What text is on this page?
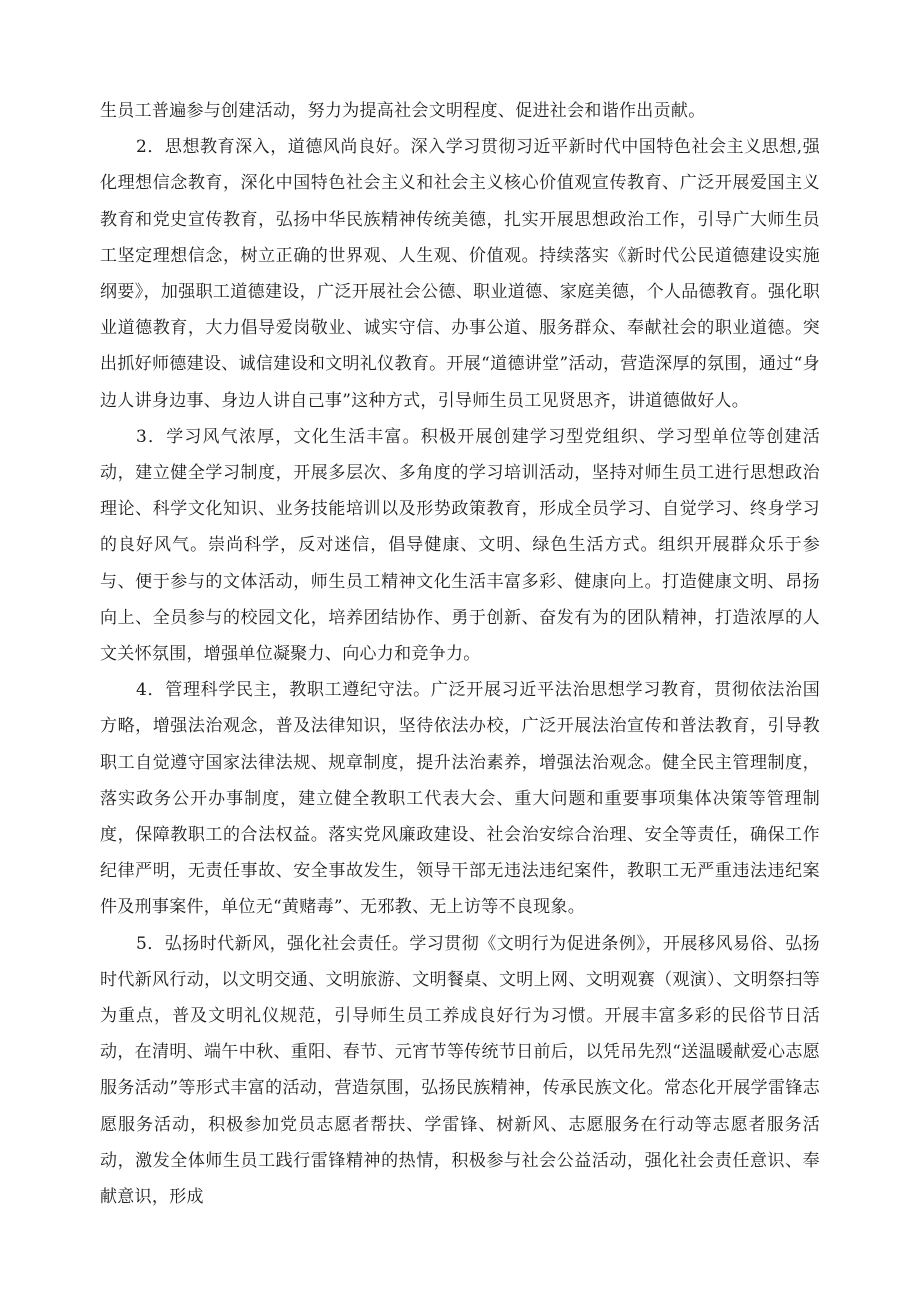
生员工普遍参与创建活动，努力为提高社会文明程度、促进社会和谐作出贡献。

2．思想教育深入，道德风尚良好。深入学习贯彻习近平新时代中国特色社会主义思想,强化理想信念教育，深化中国特色社会主义和社会主义核心价值观宣传教育、广泛开展爱国主义教育和党史宣传教育，弘扬中华民族精神传统美德，扎实开展思想政治工作，引导广大师生员工坚定理想信念，树立正确的世界观、人生观、价值观。持续落实《新时代公民道德建设实施纲要》，加强职工道德建设，广泛开展社会公德、职业道德、家庭美德，个人品德教育。强化职业道德教育，大力倡导爱岗敬业、诚实守信、办事公道、服务群众、奉献社会的职业道德。突出抓好师德建设、诚信建设和文明礼仪教育。开展“道德讲堂”活动，营造深厚的氛围，通过“身边人讲身边事、身边人讲自己事”这种方式，引导师生员工见贤思齐，讲道德做好人。

3．学习风气浓厚，文化生活丰富。积极开展创建学习型党组织、学习型单位等创建活动，建立健全学习制度，开展多层次、多角度的学习培训活动，坚持对师生员工进行思想政治理论、科学文化知识、业务技能培训以及形势政策教育，形成全员学习、自觉学习、终身学习的良好风气。崇尚科学，反对迷信，倡导健康、文明、绿色生活方式。组织开展群众乐于参与、便于参与的文体活动，师生员工精神文化生活丰富多彩、健康向上。打造健康文明、昂扬向上、全员参与的校园文化，培养团结协作、勇于创新、奋发有为的团队精神，打造浓厚的人文关怀氛围，增强单位凝聚力、向心力和竞争力。

4．管理科学民主，教职工遵纪守法。广泛开展习近平法治思想学习教育，贯彻依法治国方略，增强法治观念，普及法律知识，坚待依法办校，广泛开展法治宣传和普法教育，引导教职工自觉遵守国家法律法规、规章制度，提升法治素养，增强法治观念。健全民主管理制度，落实政务公开办事制度，建立健全教职工代表大会、重大问题和重要事项集体决策等管理制度，保障教职工的合法权益。落实党风廉政建设、社会治安综合治理、安全等责任，确保工作纪律严明，无责任事故、安全事故发生，领导干部无违法违纪案件，教职工无严重违法违纪案件及刑事案件，单位无“黄赌毒”、无邪教、无上访等不良现象。

5．弘扬时代新风，强化社会责任。学习贯彻《文明行为促进条例》，开展移风易俗、弘扬时代新风行动，以文明交通、文明旅游、文明餐桌、文明上网、文明观赛（观演）、文明祭扫等为重点，普及文明礼仪规范，引导师生员工养成良好行为习惯。开展丰富多彩的民俗节日活动，在清明、端午中秋、重阳、春节、元宵节等传统节日前后，以凭吊先烈“送温暖献爱心志愿服务活动”等形式丰富的活动，营造氛围，弘扬民族精神，传承民族文化。常态化开展学雷锋志愿服务活动，积极参加党员志愿者帮扶、学雷锋、树新风、志愿服务在行动等志愿者服务活动，激发全体师生员工践行雷锋精神的热情，积极参与社会公益活动，强化社会责任意识、奉献意识，形成
